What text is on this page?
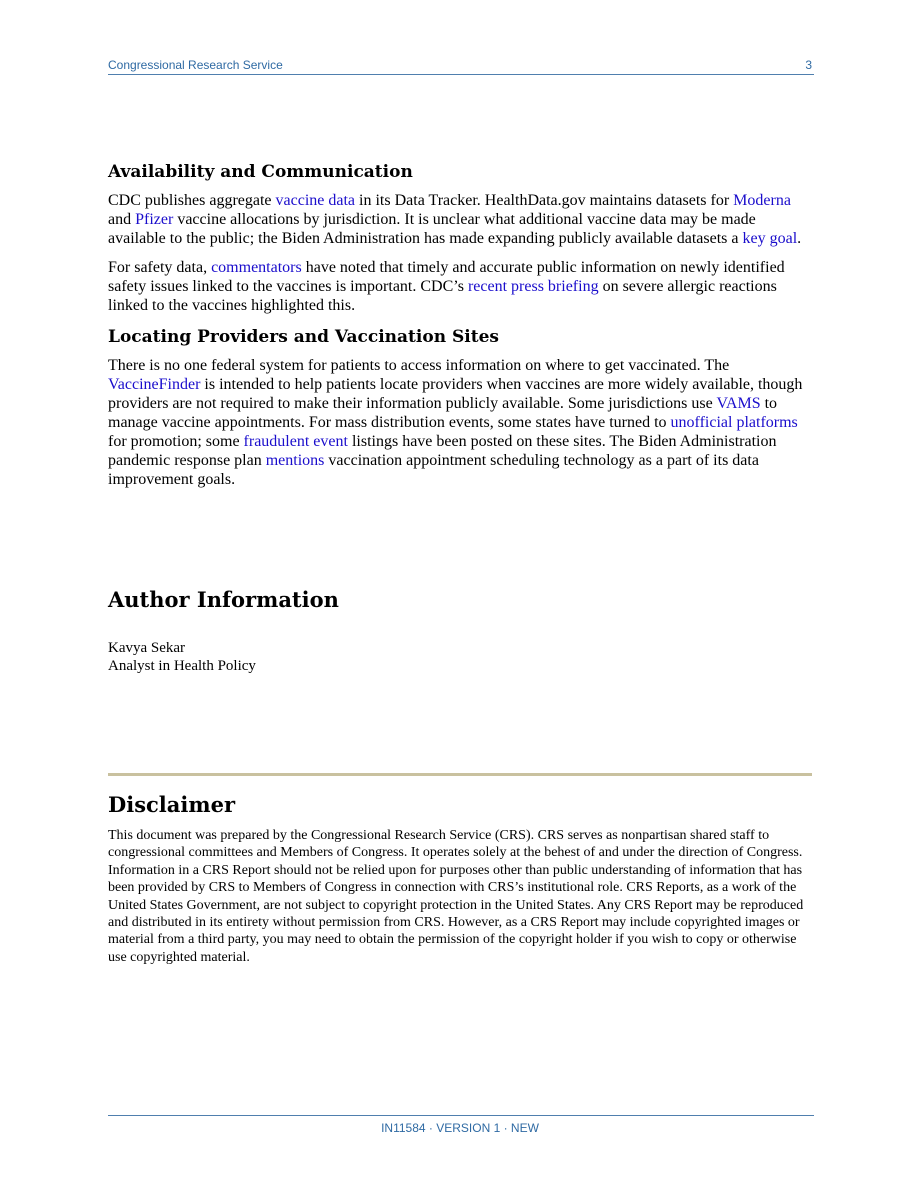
Congressional Research Service	3
Availability and Communication

CDC publishes aggregate vaccine data in its Data Tracker. HealthData.gov maintains datasets for Moderna and Pfizer vaccine allocations by jurisdiction. It is unclear what additional vaccine data may be made available to the public; the Biden Administration has made expanding publicly available datasets a key goal.

For safety data, commentators have noted that timely and accurate public information on newly identified safety issues linked to the vaccines is important. CDC’s recent press briefing on severe allergic reactions linked to the vaccines highlighted this.

Locating Providers and Vaccination Sites

There is no one federal system for patients to access information on where to get vaccinated. The VaccineFinder is intended to help patients locate providers when vaccines are more widely available, though providers are not required to make their information publicly available. Some jurisdictions use VAMS to manage vaccine appointments. For mass distribution events, some states have turned to unofficial platforms for promotion; some fraudulent event listings have been posted on these sites. The Biden Administration pandemic response plan mentions vaccination appointment scheduling technology as a part of its data improvement goals.

Author Information
Kavya Sekar
Analyst in Health Policy
Disclaimer

This document was prepared by the Congressional Research Service (CRS). CRS serves as nonpartisan shared staff to congressional committees and Members of Congress. It operates solely at the behest of and under the direction of Congress. Information in a CRS Report should not be relied upon for purposes other than public understanding of information that has been provided by CRS to Members of Congress in connection with CRS’s institutional role. CRS Reports, as a work of the United States Government, are not subject to copyright protection in the United States. Any CRS Report may be reproduced and distributed in its entirety without permission from CRS. However, as a CRS Report may include copyrighted images or material from a third party, you may need to obtain the permission of the copyright holder if you wish to copy or otherwise use copyrighted material.

IN11584 · VERSION 1 · NEW
